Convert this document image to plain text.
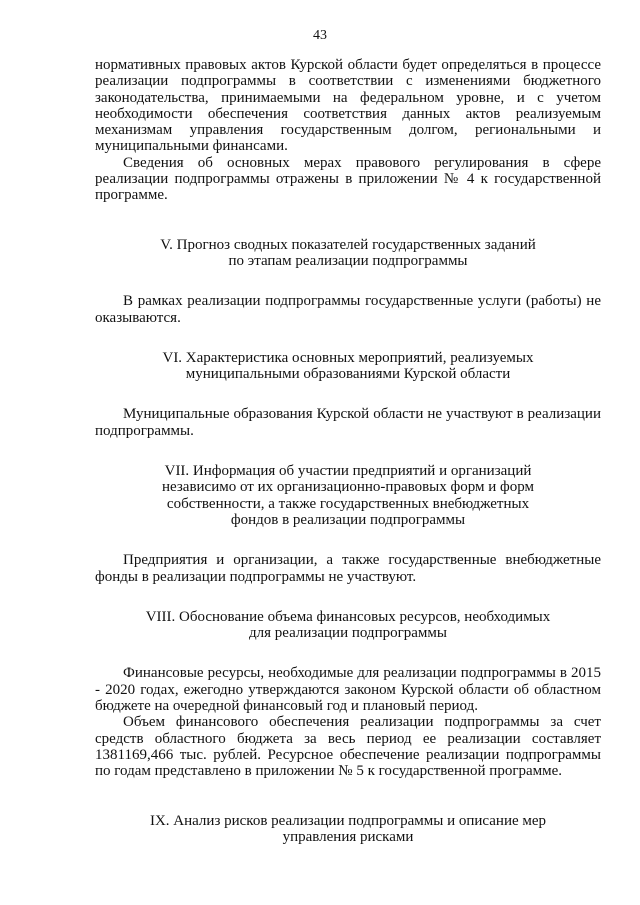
43

нормативных правовых актов Курской области будет определяться в процессе реализации подпрограммы в соответствии с изменениями бюджетного законодательства, принимаемыми на федеральном уровне, и с учетом необходимости обеспечения соответствия данных актов реализуемым механизмам управления государственным долгом, региональными и муниципальными финансами.

Сведения об основных мерах правового регулирования в сфере реализации подпрограммы отражены в приложении № 4 к государственной программе.

V. Прогноз сводных показателей государственных заданий
по этапам реализации подпрограммы

В рамках реализации подпрограммы государственные услуги (работы) не оказываются.

VI. Характеристика основных мероприятий, реализуемых
муниципальными образованиями Курской области

Муниципальные образования Курской области не участвуют в реализации подпрограммы.

VII. Информация об участии предприятий и организаций
независимо от их организационно-правовых форм и форм
собственности, а также государственных внебюджетных
фондов в реализации подпрограммы

Предприятия и организации, а также государственные внебюджетные фонды в реализации подпрограммы не участвуют.

VIII. Обоснование объема финансовых ресурсов, необходимых
для реализации подпрограммы

Финансовые ресурсы, необходимые для реализации подпрограммы в 2015 - 2020 годах, ежегодно утверждаются законом Курской области об областном бюджете на очередной финансовый год и плановый период.

Объем финансового обеспечения реализации подпрограммы за счет средств областного бюджета за весь период ее реализации составляет 1381169,466 тыс. рублей. Ресурсное обеспечение реализации подпрограммы по годам представлено в приложении № 5 к государственной программе.

IX. Анализ рисков реализации подпрограммы и описание мер
управления рисками
